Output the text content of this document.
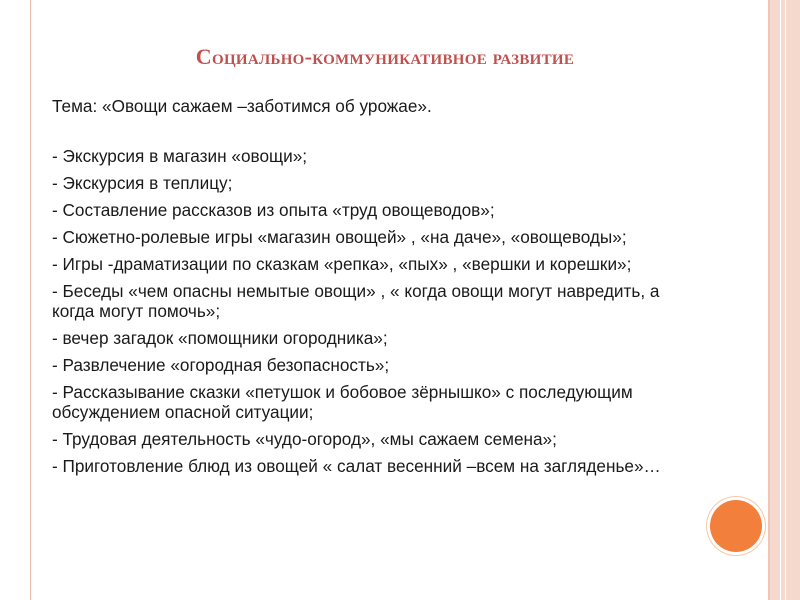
Социально-коммуникативное развитие
Тема: «Овощи сажаем –заботимся об урожае».
- Экскурсия в магазин «овощи»;
- Экскурсия в теплицу;
- Составление рассказов из опыта «труд овощеводов»;
- Сюжетно-ролевые игры «магазин овощей» , «на даче», «овощеводы»;
- Игры -драматизации по сказкам «репка», «пых» , «вершки и корешки»;
- Беседы «чем опасны немытые овощи» , « когда овощи могут навредить, а когда могут помочь»;
- вечер загадок «помощники огородника»;
- Развлечение «огородная безопасность»;
- Рассказывание сказки «петушок и бобовое зёрнышко» с последующим обсуждением опасной ситуации;
- Трудовая деятельность «чудо-огород», «мы сажаем семена»;
- Приготовление блюд из овощей « салат весенний –всем на загляденье»…
